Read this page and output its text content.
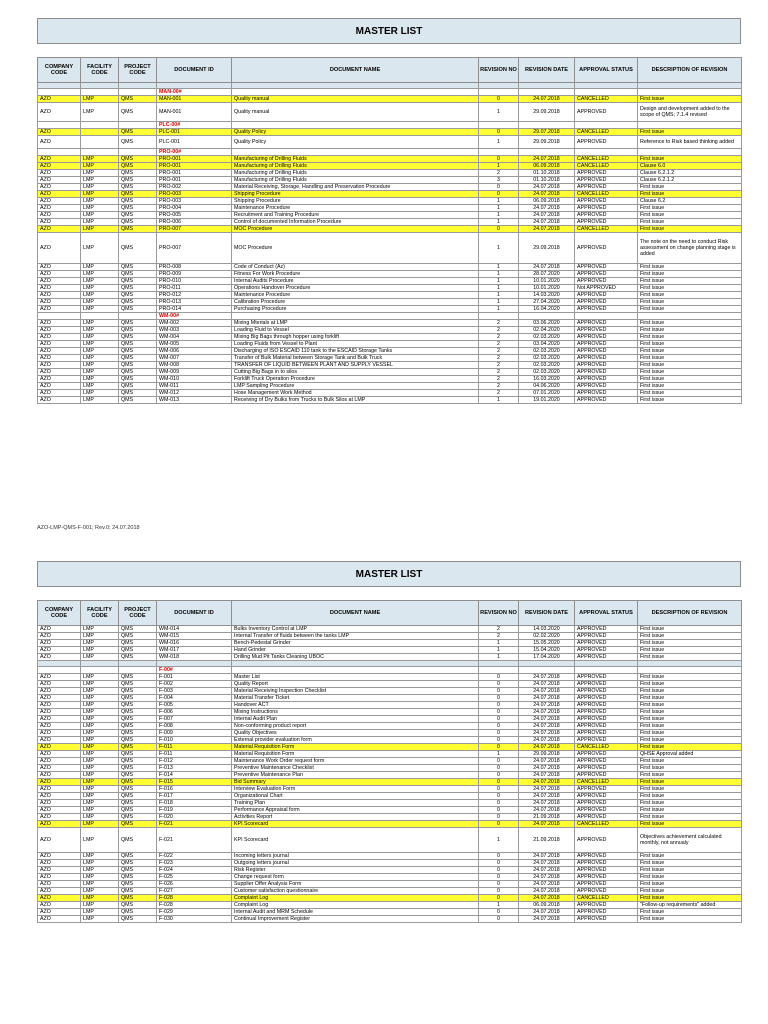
MASTER LIST
COMPANY CODE	FACILITY CODE	PROJECT CODE	DOCUMENT ID	DOCUMENT NAME	REVISION NO	REVISION DATE	APPROVAL STATUS	DESCRIPTION OF REVISION

			MAN-00#					
AZO	LMP	QMS	MAN-001	Quality manual	0	24.07.2018	CANCELLED	First issue
AZO	LMP	QMS	MAN-001	Quality manual	1	29.09.2018	APPROVED	Design and development added to the scope of QMS; 7.1.4 revised
			PLC-00#					
AZO		QMS	PLC-001	Quality Policy	0	29.07.2018	CANCELLED	First issue
AZO		QMS	PLC-001	Quality Policy	1	29.09.2018	APPROVED	Reference to Risk based thinking added
			PRO-00#					
AZO	LMP	QMS	PRO-001	Manufacturing of Drilling Fluids	0	24.07.2018	CANCELLED	First issue
AZO	LMP	QMS	PRO-001	Manufacturing of Drilling Fluids	1	06.09.2018	CANCELLED	Clause 6.0
AZO	LMP	QMS	PRO-001	Manufacturing of Drilling Fluids	2	01.10.2018	APPROVED	Clause 6.2.1.2
AZO	LMP	QMS	PRO-001	Manufacturing of Drilling Fluids	3	01.10.2018	APPROVED	Clause 6.2.1.2
AZO	LMP	QMS	PRO-002	Material Receiving, Storage, Handling and Preservation Procedure	0	24.07.2018	APPROVED	First issue
AZO	LMP	QMS	PRO-003	Shipping Procedure	0	24.07.2018	CANCELLED	First issue
AZO	LMP	QMS	PRO-003	Shipping Procedure	1	06.09.2018	APPROVED	Clause 6.2
AZO	LMP	QMS	PRO-004	Maintenance Procedure	1	24.07.2018	APPROVED	First issue
AZO	LMP	QMS	PRO-005	Recruitment and Training Procedure	1	24.07.2018	APPROVED	First issue
AZO	LMP	QMS	PRO-006	Control of documented Information Procedure	1	24.07.2018	APPROVED	First issue
AZO	LMP	QMS	PRO-007	MOC Procedure	0	24.07.2018	CANCELLED	First issue
AZO	LMP	QMS	PRO-007	MOC Procedure	1	29.09.2018	APPROVED	The note on the need to conduct Risk assessment on change planning stage is added
AZO	LMP	QMS	PRO-008	Code of Conduct (Az)	1	24.07.2018	APPROVED	First issue
AZO	LMP	QMS	PRO-009	Fitness For Work Procedure	1	28.07.2020	APPROVED	First issue
AZO	LMP	QMS	PRO-010	Internal Audits Procedure	1	10.01.2020	APPROVED	First issue
AZO	LMP	QMS	PRO-011	Operations Handover Procedure	1	10.01.2020	Not APPROVED	First issue
AZO	LMP	QMS	PRO-012	Maintenance Procedure	1	14.03.2020	APPROVED	First issue
AZO	LMP	QMS	PRO-013	Calibration Procedure	1	27.04.2020	APPROVED	First issue
AZO	LMP	QMS	PRO-014	Purchasing Procedure	1	16.04.2020	APPROVED	First issue
			WM-00#					
AZO	LMP	QMS	WM-002	Mixing Mterials at LMP	2	03.06.2020	APPROVED	First issue
AZO	LMP	QMS	WM-003	Loading Fluid to Vessel	2	02.04.2020	APPROVED	First issue
AZO	LMP	QMS	WM-004	Mixing Big Bags through hopper using forklift	2	02.03.2020	APPROVED	First issue
AZO	LMP	QMS	WM-005	Loading Fluids from Vessel to Plant	2	03.04.2020	APPROVED	First issue
AZO	LMP	QMS	WM-006	Discharging of ISO ESCAID 110 tank to the ESCAID Storage Tanks	2	02.03.2020	APPROVED	First issue
AZO	LMP	QMS	WM-007	Transfer of Bulk Material between Storage Tank and Bulk Truck	2	02.03.2020	APPROVED	First issue
AZO	LMP	QMS	WM-008	TRANSFER OF LIQUID BETWEEN PLANT AND SUPPLY VESSEL	2	02.03.2020	APPROVED	First issue
AZO	LMP	QMS	WM-009	Cutting Big Bags in to silos	2	02.03.2020	APPROVED	First issue
AZO	LMP	QMS	WM-010	Forklift Truck Operation Procedure	2	16.03.2020	APPROVED	First issue
AZO	LMP	QMS	WM-011	LMP Sampling Procedure	2	04.06.2020	APPROVED	First issue
AZO	LMP	QMS	WM-012	Hose Management Work Method	2	07.01.2020	APPROVED	First issue
AZO	LMP	QMS	WM-013	Receiving of Dry Bulks from Trucks to Bulk Silos at LMP	1	19.01.2020	APPROVED	First issue
AZO-LMP-QMS-F-001; Rev.0; 24.07.2018
MASTER LIST
COMPANY CODE	FACILITY CODE	PROJECT CODE	DOCUMENT ID	DOCUMENT NAME	REVISION NO	REVISION DATE	APPROVAL STATUS	DESCRIPTION OF REVISION
AZO	LMP	QMS	WM-014	Bulks Inventory Control at LMP	2	14.03.2020	APPROVED	First issue
AZO	LMP	QMS	WM-015	Internal Transfer of fluids between the tanks LMP	2	02.02.2020	APPROVED	First issue
AZO	LMP	QMS	WM-016	Bench-Pedestal Grinder	1	15.05.2020	APPROVED	First issue
AZO	LMP	QMS	WM-017	Hand Grinder	1	15.04.2020	APPROVED	First issue
AZO	LMP	QMS	WM-018	Drilling Mud Pit Tanks Cleaning UBOC	1	17.04.2020	APPROVED	First issue

			F-00#					
AZO	LMP	QMS	F-001	Master List	0	24.07.2018	APPROVED	First issue
AZO	LMP	QMS	F-002	Quality Report	0	24.07.2018	APPROVED	First issue
AZO	LMP	QMS	F-003	Material Receiving Inspection Checklist	0	24.07.2018	APPROVED	First issue
AZO	LMP	QMS	F-004	Material Transfer Ticket	0	24.07.2018	APPROVED	First issue
AZO	LMP	QMS	F-005	Handover ACT	0	24.07.2018	APPROVED	First issue
AZO	LMP	QMS	F-006	Mixing Instructions	0	24.07.2018	APPROVED	First issue
AZO	LMP	QMS	F-007	Internal Audit Plan	0	24.07.2018	APPROVED	First issue
AZO	LMP	QMS	F-008	Non-conforming product report	0	24.07.2018	APPROVED	First issue
AZO	LMP	QMS	F-009	Quality Objectives	0	24.07.2018	APPROVED	First issue
AZO	LMP	QMS	F-010	External provider evaluation form	0	24.07.2018	APPROVED	First issue
AZO	LMP	QMS	F-011	Material Requisition Form	0	24.07.2018	CANCELLED	First issue
AZO	LMP	QMS	F-011	Material Requisition Form	1	29.09.2018	APPROVED	QHSE Approval added
AZO	LMP	QMS	F-012	Maintenance Work Order request form	0	24.07.2018	APPROVED	First issue
AZO	LMP	QMS	F-013	Preventive Maintenance Checklist	0	24.07.2018	APPROVED	First issue
AZO	LMP	QMS	F-014	Preventive Maintenance Plan	0	24.07.2018	APPROVED	First issue
AZO	LMP	QMS	F-015	Bid Summary	0	24.07.2018	CANCELLED	First issue
AZO	LMP	QMS	F-016	Interview Evaluation Form	0	24.07.2018	APPROVED	First issue
AZO	LMP	QMS	F-017	Organizational Chart	0	24.07.2018	APPROVED	First issue
AZO	LMP	QMS	F-018	Training Plan	0	24.07.2018	APPROVED	First issue
AZO	LMP	QMS	F-019	Performance Appraisal form	0	24.07.2018	APPROVED	First issue
AZO	LMP	QMS	F-020	Activities Report	0	21.09.2018	APPROVED	First issue
AZO	LMP	QMS	F-021	KPI Scorecard	0	24.07.2018	CANCELLED	First issue
AZO	LMP	QMS	F-021	KPI Scorecard	1	21.09.2018	APPROVED	Objectives achievement calculated monthly, not annualy
AZO	LMP	QMS	F-022	Incoming letters journal	0	24.07.2018	APPROVED	First issue
AZO	LMP	QMS	F-023	Outgoing letters journal	0	24.07.2018	APPROVED	First issue
AZO	LMP	QMS	F-024	Risk Register	0	24.07.2018	APPROVED	First issue
AZO	LMP	QMS	F-025	Change request form	0	24.07.2018	APPROVED	First issue
AZO	LMP	QMS	F-026	Supplier Offer Analysis Form	0	24.07.2018	APPROVED	First issue
AZO	LMP	QMS	F-027	Customer satisfaction questionnaire	0	24.07.2018	APPROVED	First issue
AZO	LMP	QMS	F-028	Complaint Log	0	24.07.2018	CANCELLED	First issue
AZO	LMP	QMS	F-028	Complaint Log	1	06.09.2018	APPROVED	"Follow-up requirements" added
AZO	LMP	QMS	F-029	Internal Audit and MRM Schedule	0	24.07.2018	APPROVED	First issue
AZO	LMP	QMS	F-030	Continual Improvement Register	0	24.07.2018	APPROVED	First issue
